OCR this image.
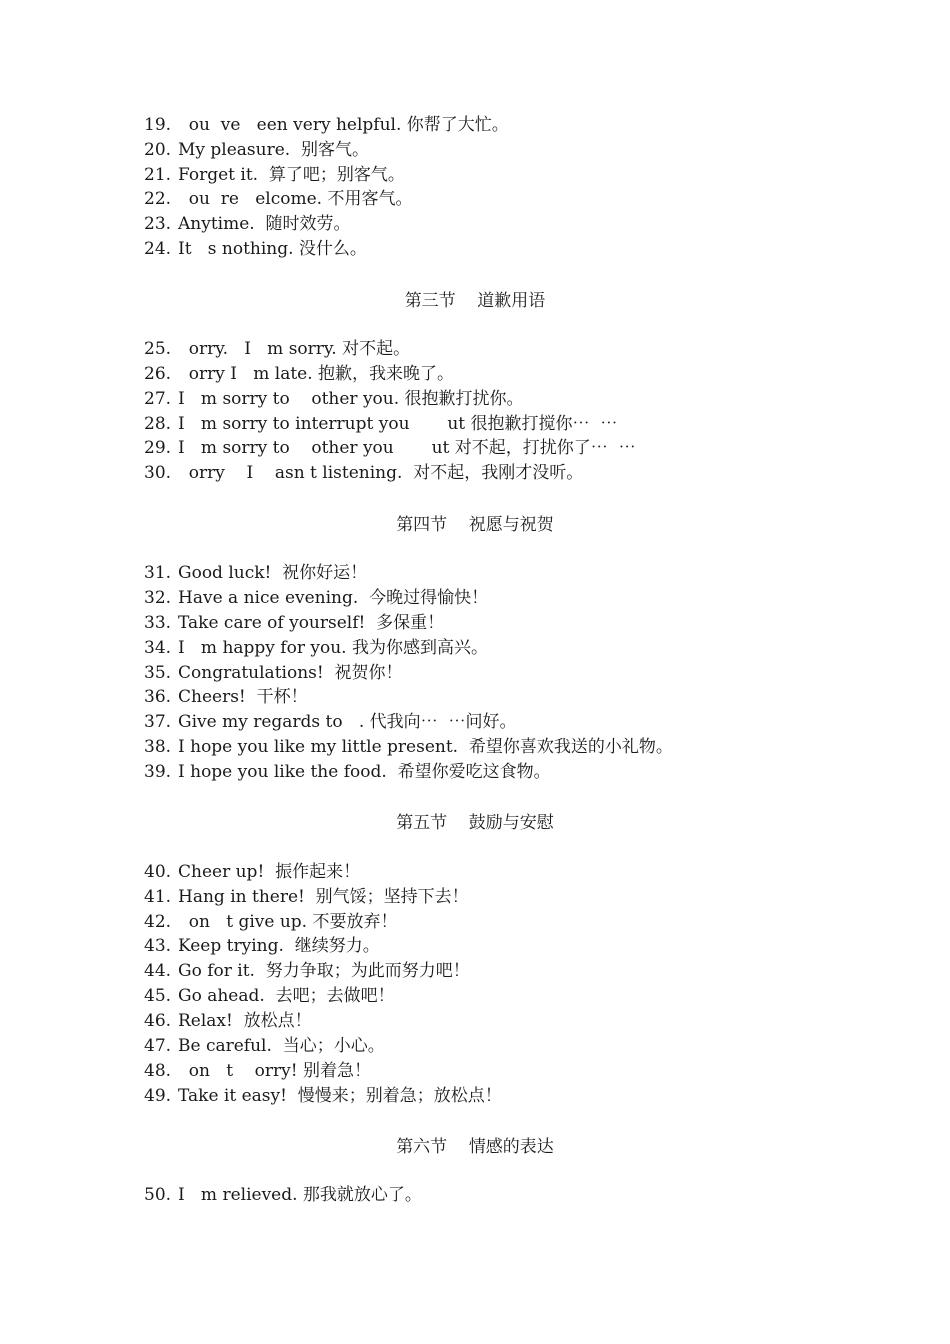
19.  ou  ve   een very helpful. 你帮了大忙。
20. My pleasure.  别客气。
21. Forget it.  算了吧；别客气。
22.  ou  re   elcome. 不用客气。
23. Anytime.  随时效劳。
24. It   s nothing. 没什么。
第三节    道歉用语
25.  orry.   I   m sorry. 对不起。
26.  orry I   m late. 抱歉，我来晚了。
27. I   m sorry to    other you. 很抱歉打扰你。
28. I   m sorry to interrupt you       ut 很抱歉打搅你⋯  ⋯
29. I   m sorry to    other you       ut 对不起，打扰你了⋯  ⋯
30.  orry    I    asn t listening.  对不起，我刚才没听。
第四节    祝愿与祝贺
31. Good luck!  祝你好运！
32. Have a nice evening.  今晚过得愉快！
33. Take care of yourself!  多保重！
34. I   m happy for you. 我为你感到高兴。
35. Congratulations!  祝贺你！
36. Cheers!  干杯！
37. Give my regards to   . 代我向⋯  ⋯问好。
38. I hope you like my little present.  希望你喜欢我送的小礼物。
39. I hope you like the food.  希望你爱吃这食物。
第五节    鼓励与安慰
40. Cheer up!  振作起来！
41. Hang in there!  别气馁；坚持下去！
42.  on   t give up. 不要放弃！
43. Keep trying.  继续努力。
44. Go for it.  努力争取；为此而努力吧！
45. Go ahead.  去吧；去做吧！
46. Relax!  放松点！
47. Be careful.  当心；小心。
48.  on   t    orry! 别着急！
49. Take it easy!  慢慢来；别着急；放松点！
第六节    情感的表达
50. I   m relieved. 那我就放心了。
